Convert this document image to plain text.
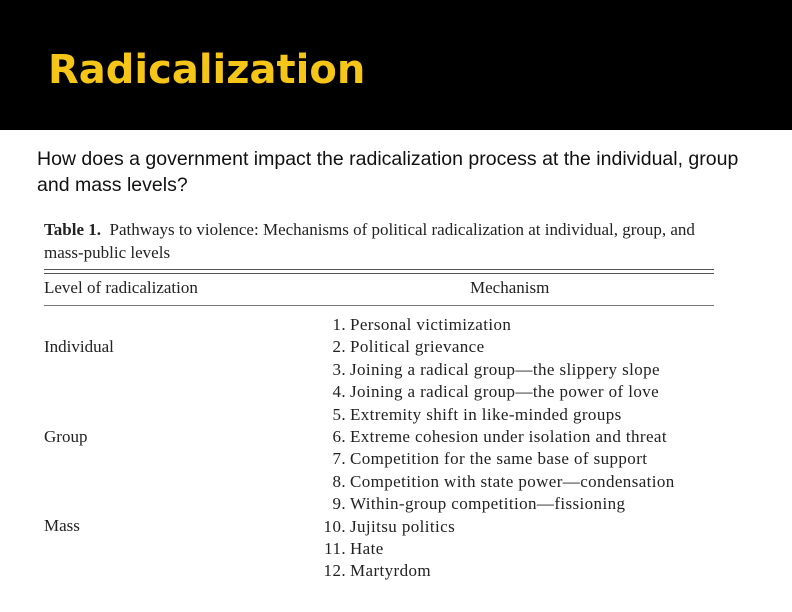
Radicalization

How does a government impact the radicalization process at the individual, group and mass levels?

Table 1. Pathways to violence: Mechanisms of political radicalization at individual, group, and mass-public levels

Level of radicalization	Mechanism
Individual
Group
Mass
1. Personal victimization
2. Political grievance
3. Joining a radical group—the slippery slope
4. Joining a radical group—the power of love
5. Extremity shift in like-minded groups
6. Extreme cohesion under isolation and threat
7. Competition for the same base of support
8. Competition with state power—condensation
9. Within-group competition—fissioning
10. Jujitsu politics
11. Hate
12. Martyrdom
